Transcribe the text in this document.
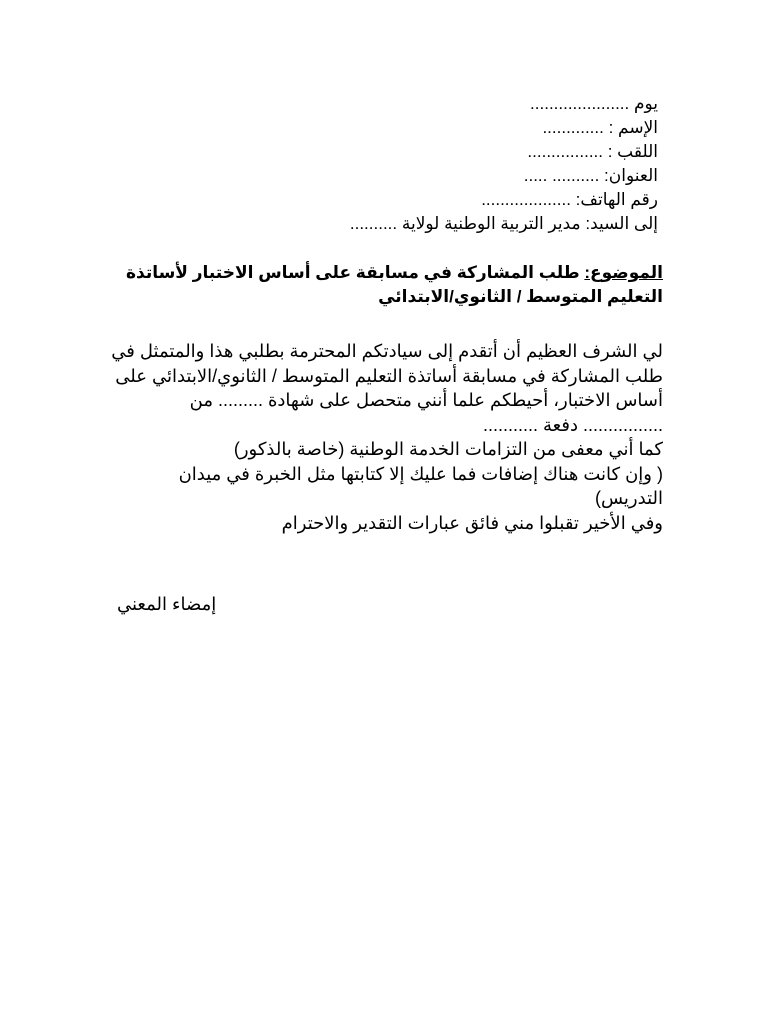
يوم .....................
الإسم : .............
اللقب : ................
العنوان: .......... .....
رقم الهاتف: ...................
إلى السيد: مدير التربية الوطنية لولاية ..........
الموضوع: طلب المشاركة في مسابقة على أساس الاختبار لأساتذة
التعليم المتوسط / الثانوي/الابتدائي
لي الشرف العظيم أن أتقدم إلى سيادتكم المحترمة بطلبي هذا والمتمثل في
طلب المشاركة في مسابقة أساتذة التعليم المتوسط / الثانوي/الابتدائي على
أساس الاختبار، أحيطكم علما أنني متحصل على شهادة ......... من
................ دفعة ...........
كما أني معفى من التزامات الخدمة الوطنية (خاصة بالذكور)
( وإن كانت هناك إضافات فما عليك إلا كتابتها مثل الخبرة في ميدان
التدريس)
وفي الأخير تقبلوا مني فائق عبارات التقدير والاحترام
إمضاء المعني
